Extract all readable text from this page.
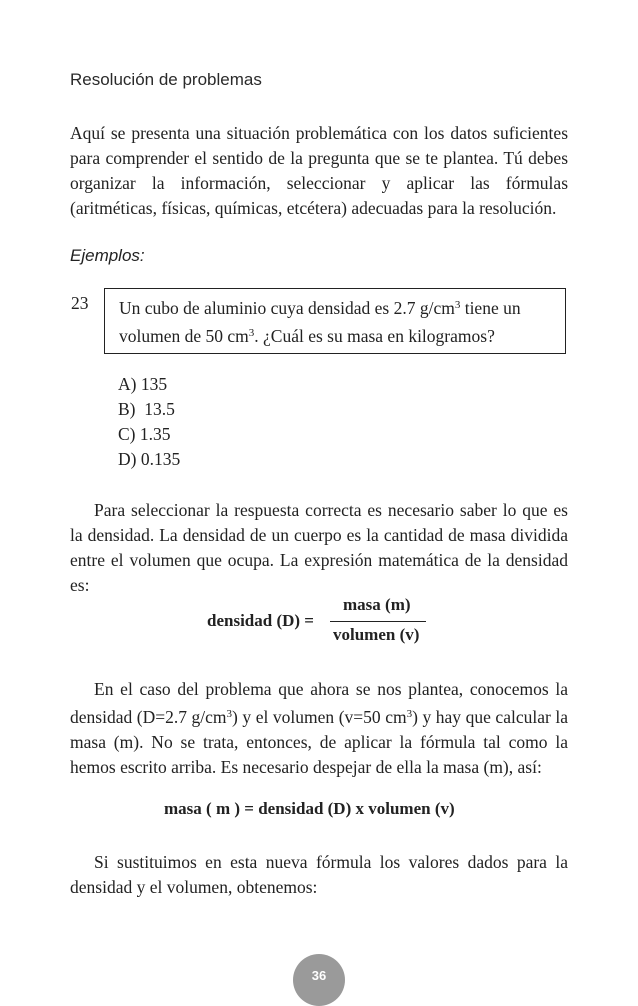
Resolución de problemas
Aquí se presenta una situación problemática con los datos suficientes para comprender el sentido de la pregunta que se te plantea. Tú debes organizar la información, seleccionar y aplicar las fórmulas (aritméticas, físicas, químicas, etcétera) adecuadas para la resolución.
Ejemplos:
23	Un cubo de aluminio cuya densidad es 2.7 $g/cm^3$ tiene un volumen de 50 $cm^3$. ¿Cuál es su masa en kilogramos?
A) 135
B)  13.5
C) 1.35
D) 0.135
Para seleccionar la respuesta correcta es necesario saber lo que es la densidad. La densidad de un cuerpo es la cantidad de masa dividida entre el volumen que ocupa. La expresión matemática de la densidad es:
densidad (D) =
masa (m)
volumen (v)
En el caso del problema que ahora se nos plantea, conocemos la densidad (D=2.7 $g/cm^3$) y el volumen (v=50 $cm^3$) y hay que calcular la masa (m). No se trata, entonces, de aplicar la fórmula tal como la hemos escrito arriba. Es necesario despejar de ella la masa (m), así:
masa ( m ) = densidad (D) x volumen (v)
Si sustituimos en esta nueva fórmula los valores dados para la densidad y el volumen, obtenemos:
36
